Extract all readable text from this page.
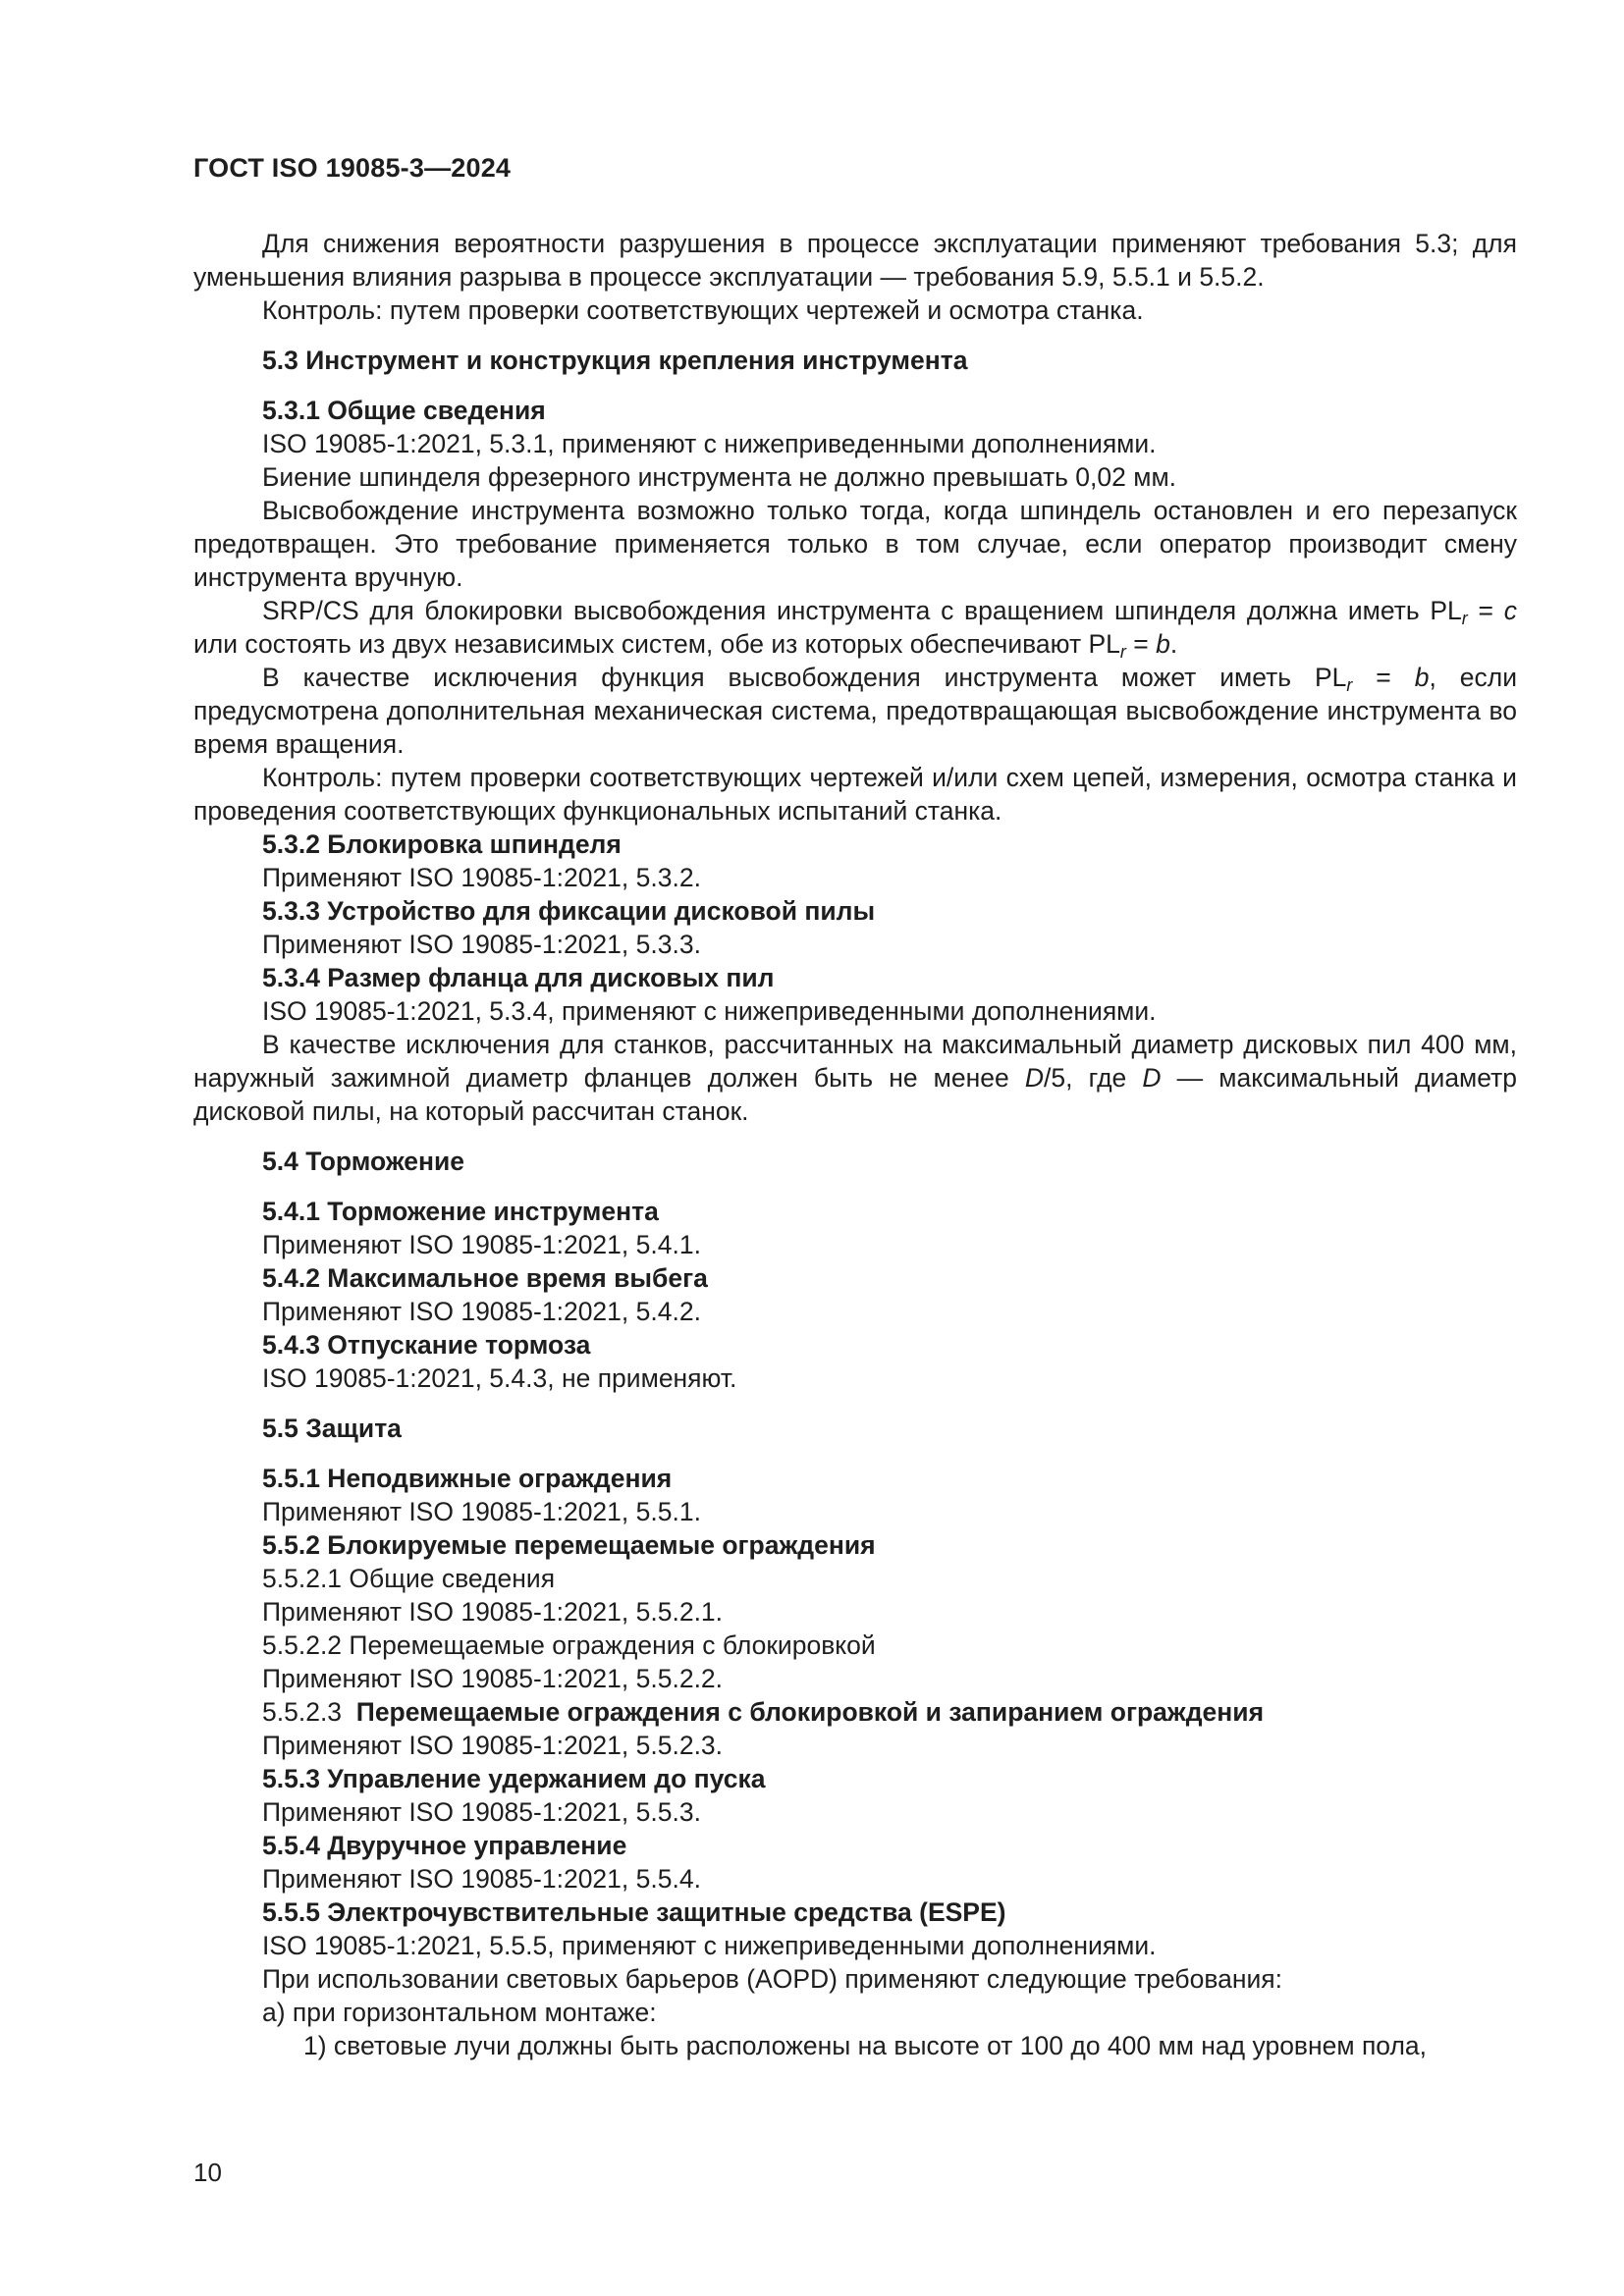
ГОСТ ISO 19085-3—2024

Для снижения вероятности разрушения в процессе эксплуатации применяют требования 5.3; для уменьшения влияния разрыва в процессе эксплуатации — требования 5.9, 5.5.1 и 5.5.2.

Контроль: путем проверки соответствующих чертежей и осмотра станка.

5.3 Инструмент и конструкция крепления инструмента

5.3.1 Общие сведения

ISO 19085-1:2021, 5.3.1, применяют с нижеприведенными дополнениями.

Биение шпинделя фрезерного инструмента не должно превышать 0,02 мм.

Высвобождение инструмента возможно только тогда, когда шпиндель остановлен и его перезапуск предотвращен. Это требование применяется только в том случае, если оператор производит смену инструмента вручную.

SRP/CS для блокировки высвобождения инструмента с вращением шпинделя должна иметь $PL_r = c$ или состоять из двух независимых систем, обе из которых обеспечивают $PL_r = b$.

В качестве исключения функция высвобождения инструмента может иметь $PL_r = b$, если предусмотрена дополнительная механическая система, предотвращающая высвобождение инструмента во время вращения.

Контроль: путем проверки соответствующих чертежей и/или схем цепей, измерения, осмотра станка и проведения соответствующих функциональных испытаний станка.

5.3.2 Блокировка шпинделя

Применяют ISO 19085-1:2021, 5.3.2.

5.3.3 Устройство для фиксации дисковой пилы

Применяют ISO 19085-1:2021, 5.3.3.

5.3.4 Размер фланца для дисковых пил

ISO 19085-1:2021, 5.3.4, применяют с нижеприведенными дополнениями.

В качестве исключения для станков, рассчитанных на максимальный диаметр дисковых пил 400 мм, наружный зажимной диаметр фланцев должен быть не менее D/5, где D — максимальный диаметр дисковой пилы, на который рассчитан станок.

5.4 Торможение

5.4.1 Торможение инструмента

Применяют ISO 19085-1:2021, 5.4.1.

5.4.2 Максимальное время выбега

Применяют ISO 19085-1:2021, 5.4.2.

5.4.3 Отпускание тормоза

ISO 19085-1:2021, 5.4.3, не применяют.

5.5 Защита

5.5.1 Неподвижные ограждения

Применяют ISO 19085-1:2021, 5.5.1.

5.5.2 Блокируемые перемещаемые ограждения

5.5.2.1 Общие сведения

Применяют ISO 19085-1:2021, 5.5.2.1.

5.5.2.2 Перемещаемые ограждения с блокировкой

Применяют ISO 19085-1:2021, 5.5.2.2.

5.5.2.3  Перемещаемые ограждения с блокировкой и запиранием ограждения

Применяют ISO 19085-1:2021, 5.5.2.3.

5.5.3 Управление удержанием до пуска

Применяют ISO 19085-1:2021, 5.5.3.

5.5.4 Двуручное управление

Применяют ISO 19085-1:2021, 5.5.4.

5.5.5 Электрочувствительные защитные средства (ESPE)

ISO 19085-1:2021, 5.5.5, применяют с нижеприведенными дополнениями.

При использовании световых барьеров (AOPD) применяют следующие требования:

а) при горизонтальном монтаже:

1) световые лучи должны быть расположены на высоте от 100 до 400 мм над уровнем пола,

10
